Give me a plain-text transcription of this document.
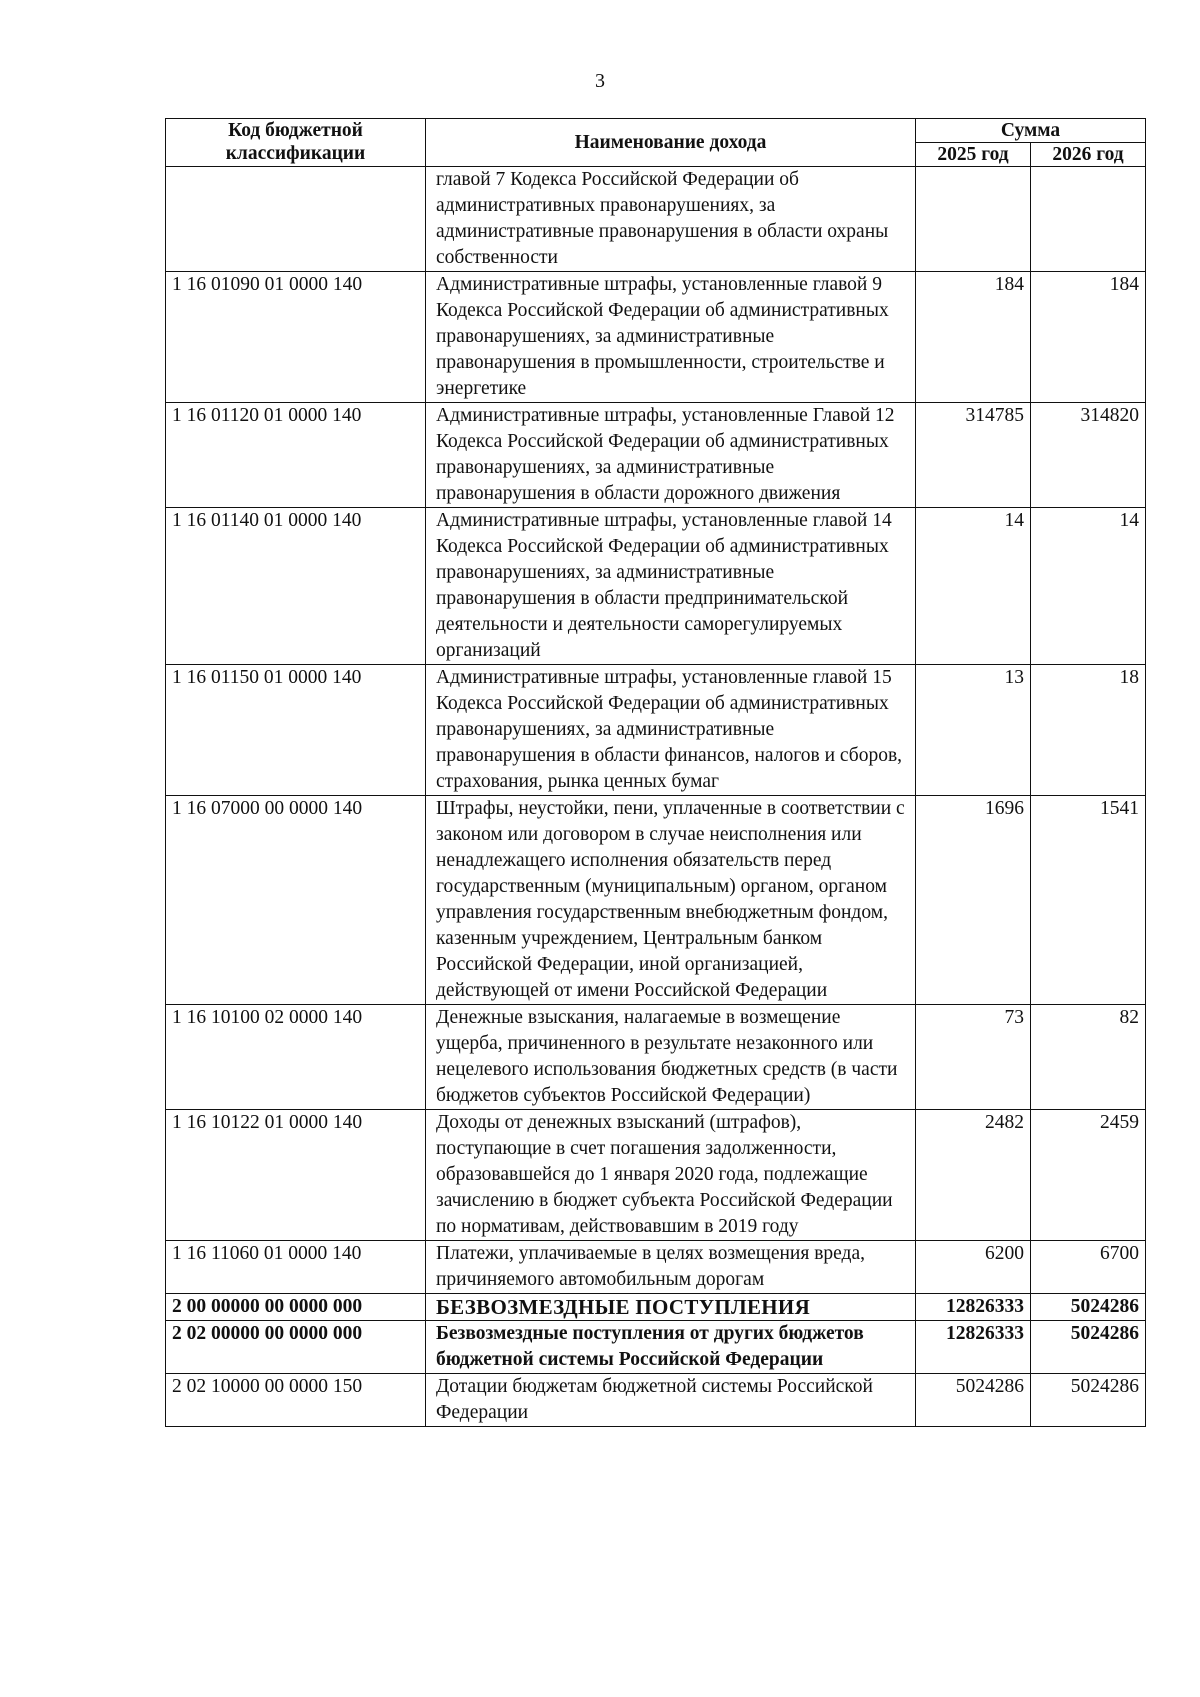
3
Код бюджетной классификации	Наименование дохода	Сумма	
		2025 год	2026 год
	главой 7 Кодекса Российской Федерации об административных правонарушениях, за административные правонарушения в области охраны собственности		
1 16 01090 01 0000 140	Административные штрафы, установленные главой 9 Кодекса Российской Федерации об административных правонарушениях, за административные правонарушения в промышленности, строительстве и энергетике	184	184
1 16 01120 01 0000 140	Административные штрафы, установленные Главой 12 Кодекса Российской Федерации об административных правонарушениях, за административные правонарушения в области дорожного движения	314785	314820
1 16 01140 01 0000 140	Административные штрафы, установленные главой 14 Кодекса Российской Федерации об административных правонарушениях, за административные правонарушения в области предпринимательской деятельности и деятельности саморегулируемых организаций	14	14
1 16 01150 01 0000 140	Административные штрафы, установленные главой 15 Кодекса Российской Федерации об административных правонарушениях, за административные правонарушения в области финансов, налогов и сборов, страхования, рынка ценных бумаг	13	18
1 16 07000 00 0000 140	Штрафы, неустойки, пени, уплаченные в соответствии с законом или договором в случае неисполнения или ненадлежащего исполнения обязательств перед государственным (муниципальным) органом, органом управления государственным внебюджетным фондом, казенным учреждением, Центральным банком Российской Федерации, иной организацией, действующей от имени Российской Федерации	1696	1541
1 16 10100 02 0000 140	Денежные взыскания, налагаемые в возмещение ущерба, причиненного в результате незаконного или нецелевого использования бюджетных средств (в части бюджетов субъектов Российской Федерации)	73	82
1 16 10122 01 0000 140	Доходы от денежных взысканий (штрафов), поступающие в счет погашения задолженности, образовавшейся до 1 января 2020 года, подлежащие зачислению в бюджет субъекта Российской Федерации по нормативам, действовавшим в 2019 году	2482	2459
1 16 11060 01 0000 140	Платежи, уплачиваемые в целях возмещения вреда, причиняемого автомобильным дорогам	6200	6700
2 00 00000 00 0000 000	БЕЗВОЗМЕЗДНЫЕ ПОСТУПЛЕНИЯ	12826333	5024286
2 02 00000 00 0000 000	Безвозмездные поступления от других бюджетов бюджетной системы Российской Федерации	12826333	5024286
2 02 10000 00 0000 150	Дотации бюджетам бюджетной системы Российской Федерации	5024286	5024286
